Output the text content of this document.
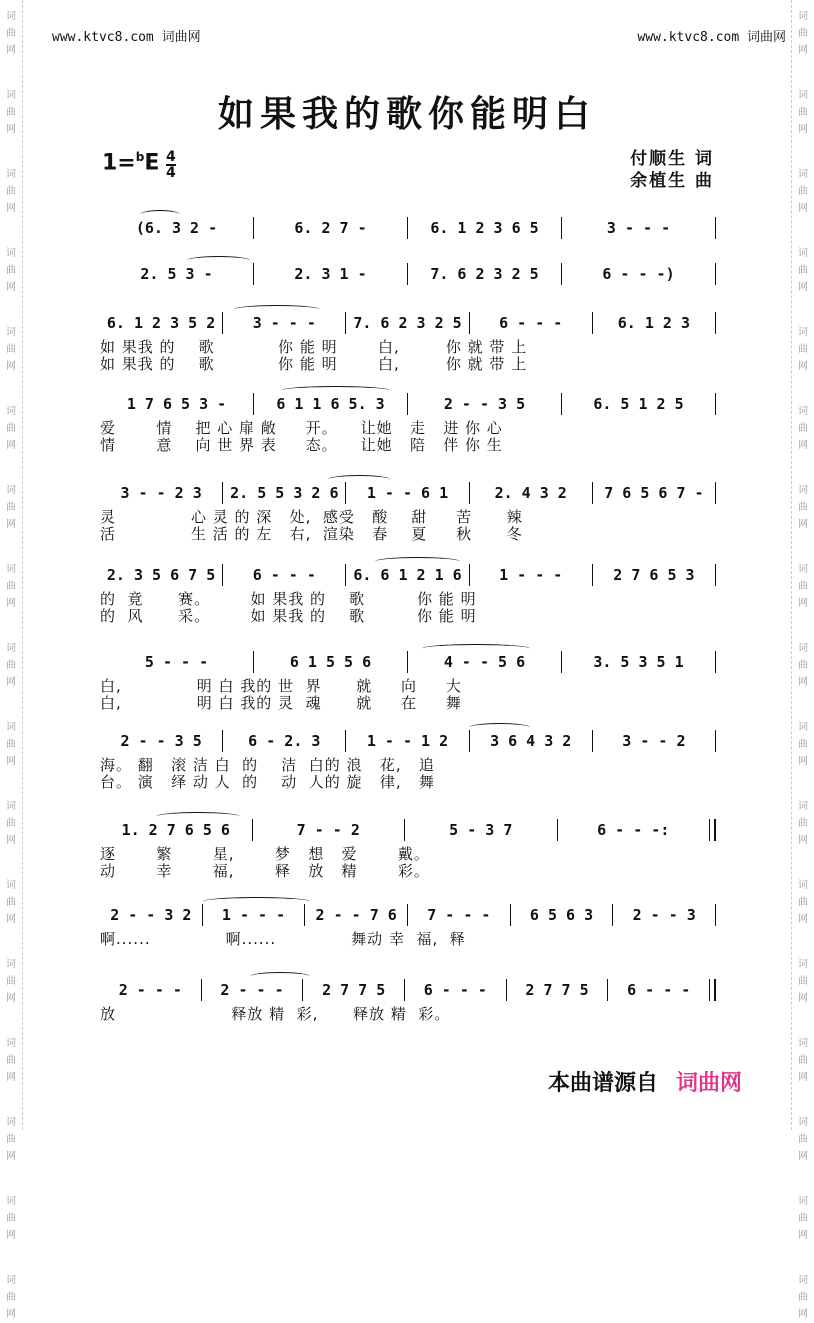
词
曲
网
词
曲
网
词
曲
网
词
曲
网
词
曲
网
词
曲
网
词
曲
网
词
曲
网
词
曲
网
词
曲
网
词
曲
网
词
曲
网
词
曲
网
词
曲
网
词
曲
网
词
曲
网
词
曲
网
词
曲
网
词
曲
网
词
曲
网
词
曲
网
词
曲
网
词
曲
网
词
曲
网
词
曲
网
词
曲
网
词
曲
网
词
曲
网
词
曲
网
词
曲
网
词
曲
网
词
曲
网
词
曲
网
词
曲
网
www.ktvc8.com 词曲网	www.ktvc8.com 词曲网
如果我的歌你能明白
1=$^b$E 4
4
付顺生 词
余植生 曲
(6. 3 2 -	6. 2 7 -	6. 1 2 3 6 5	3 - - -
2. 5 3 -	2. 3 1 -	7. 6 2 3 2 5	6 - - -)
6. 1 2 3 5 2	3 - - -	7. 6 2 3 2 5	6 - - -	6. 1 2 3
如 果我 的    歌           你 能 明       白,        你 就 带 上
如 果我 的    歌           你 能 明       白,        你 就 带 上
1 7 6 5 3 -	6 1 1 6 5. 3	2 - - 3 5	6. 5 1 2 5
爱       情    把 心 扉 敞     开。    让她   走   进 你 心
情       意    向 世 界 表     态。    让她   陪   伴 你 生
3 - - 2 3	2. 5 5 3 2 6	1 - - 6 1	2. 4 3 2	7 6 5 6 7 -
灵             心 灵 的 深   处,  感受   酸    甜     苦      辣
活             生 活 的 左   右,  渲染   春    夏     秋      冬
2. 3 5 6 7 5	6 - - -	6. 6 1 2 1 6	1 - - -	2 7 6 5 3
的  竟      赛。       如 果我 的    歌         你 能 明
的  风      采。       如 果我 的    歌         你 能 明
5 - - -	6 1 5 5 6	4 - - 5 6	3. 5 3 5 1
白,             明 白 我的 世  界      就     向     大
白,             明 白 我的 灵  魂      就     在     舞
2 - - 3 5	6 - 2. 3	1 - - 1 2	3 6 4 3 2	3 - - 2
海。 翻   滚 洁 白  的    洁  白的 浪   花,   追
台。 演   绎 动 人  的    动  人的 旋   律,   舞
1. 2 7 6 5 6	7 - - 2	5 - 3 7	6 - - -:
逐       繁       星,       梦   想   爱       戴。
动       幸       福,       释   放   精       彩。
2 - - 3 2	1 - - -	2 - - 7 6	7 - - -	6 5 6 3	2 - - 3
啊......             啊......             舞动 幸  福,  释
2 - - -	2 - - -	2 7 7 5	6 - - -	2 7 7 5	6 - - -
放                    释放 精  彩,      释放 精  彩。
本曲谱源自 词曲网
